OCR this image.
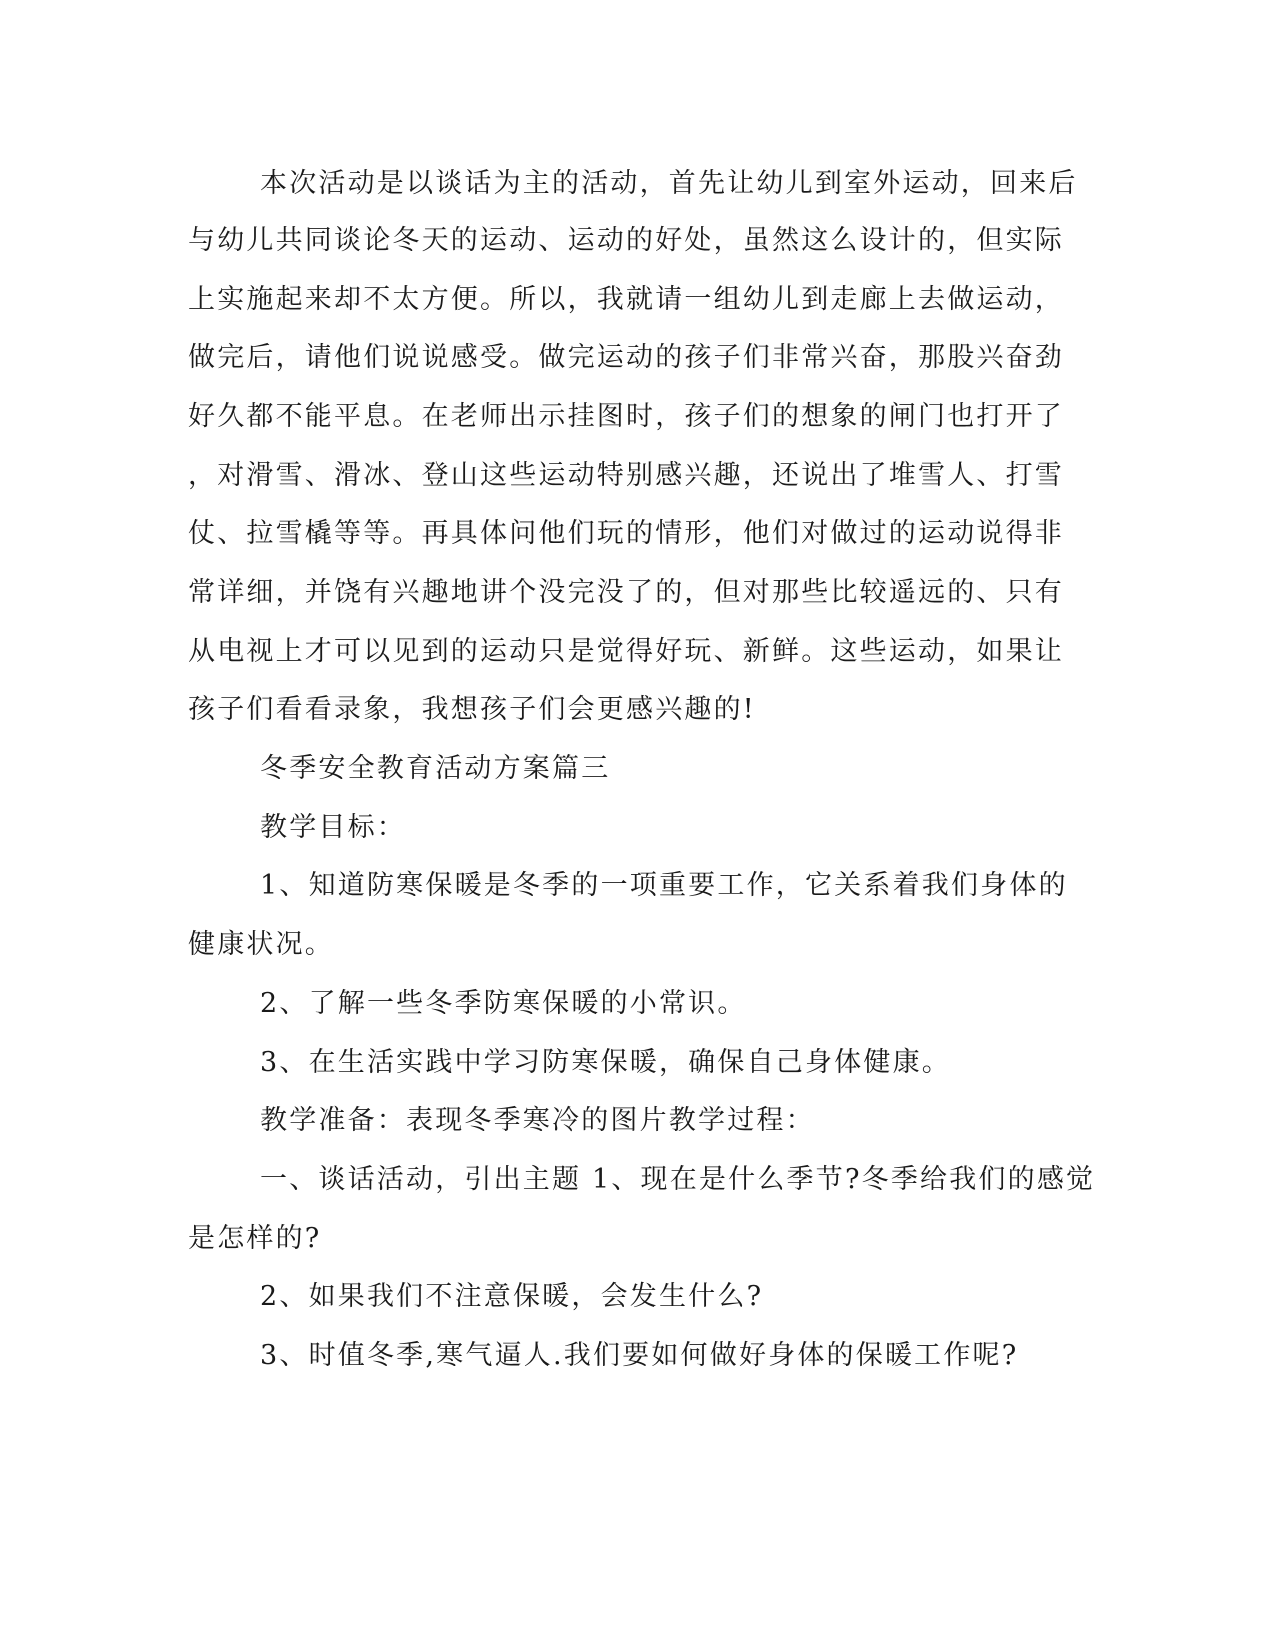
本次活动是以谈话为主的活动，首先让幼儿到室外运动，回来后

与幼儿共同谈论冬天的运动、运动的好处，虽然这么设计的，但实际

上实施起来却不太方便。所以，我就请一组幼儿到走廊上去做运动，

做完后，请他们说说感受。做完运动的孩子们非常兴奋，那股兴奋劲

好久都不能平息。在老师出示挂图时，孩子们的想象的闸门也打开了

，对滑雪、滑冰、登山这些运动特别感兴趣，还说出了堆雪人、打雪

仗、拉雪橇等等。再具体问他们玩的情形，他们对做过的运动说得非

常详细，并饶有兴趣地讲个没完没了的，但对那些比较遥远的、只有

从电视上才可以见到的运动只是觉得好玩、新鲜。这些运动，如果让

孩子们看看录象，我想孩子们会更感兴趣的!

冬季安全教育活动方案篇三

教学目标：

1、知道防寒保暖是冬季的一项重要工作，它关系着我们身体的

健康状况。

2、了解一些冬季防寒保暖的小常识。

3、在生活实践中学习防寒保暖，确保自己身体健康。

教学准备：表现冬季寒冷的图片教学过程：

一、谈话活动，引出主题 1、现在是什么季节?冬季给我们的感觉

是怎样的?

2、如果我们不注意保暖，会发生什么?

3、时值冬季,寒气逼人.我们要如何做好身体的保暖工作呢?
